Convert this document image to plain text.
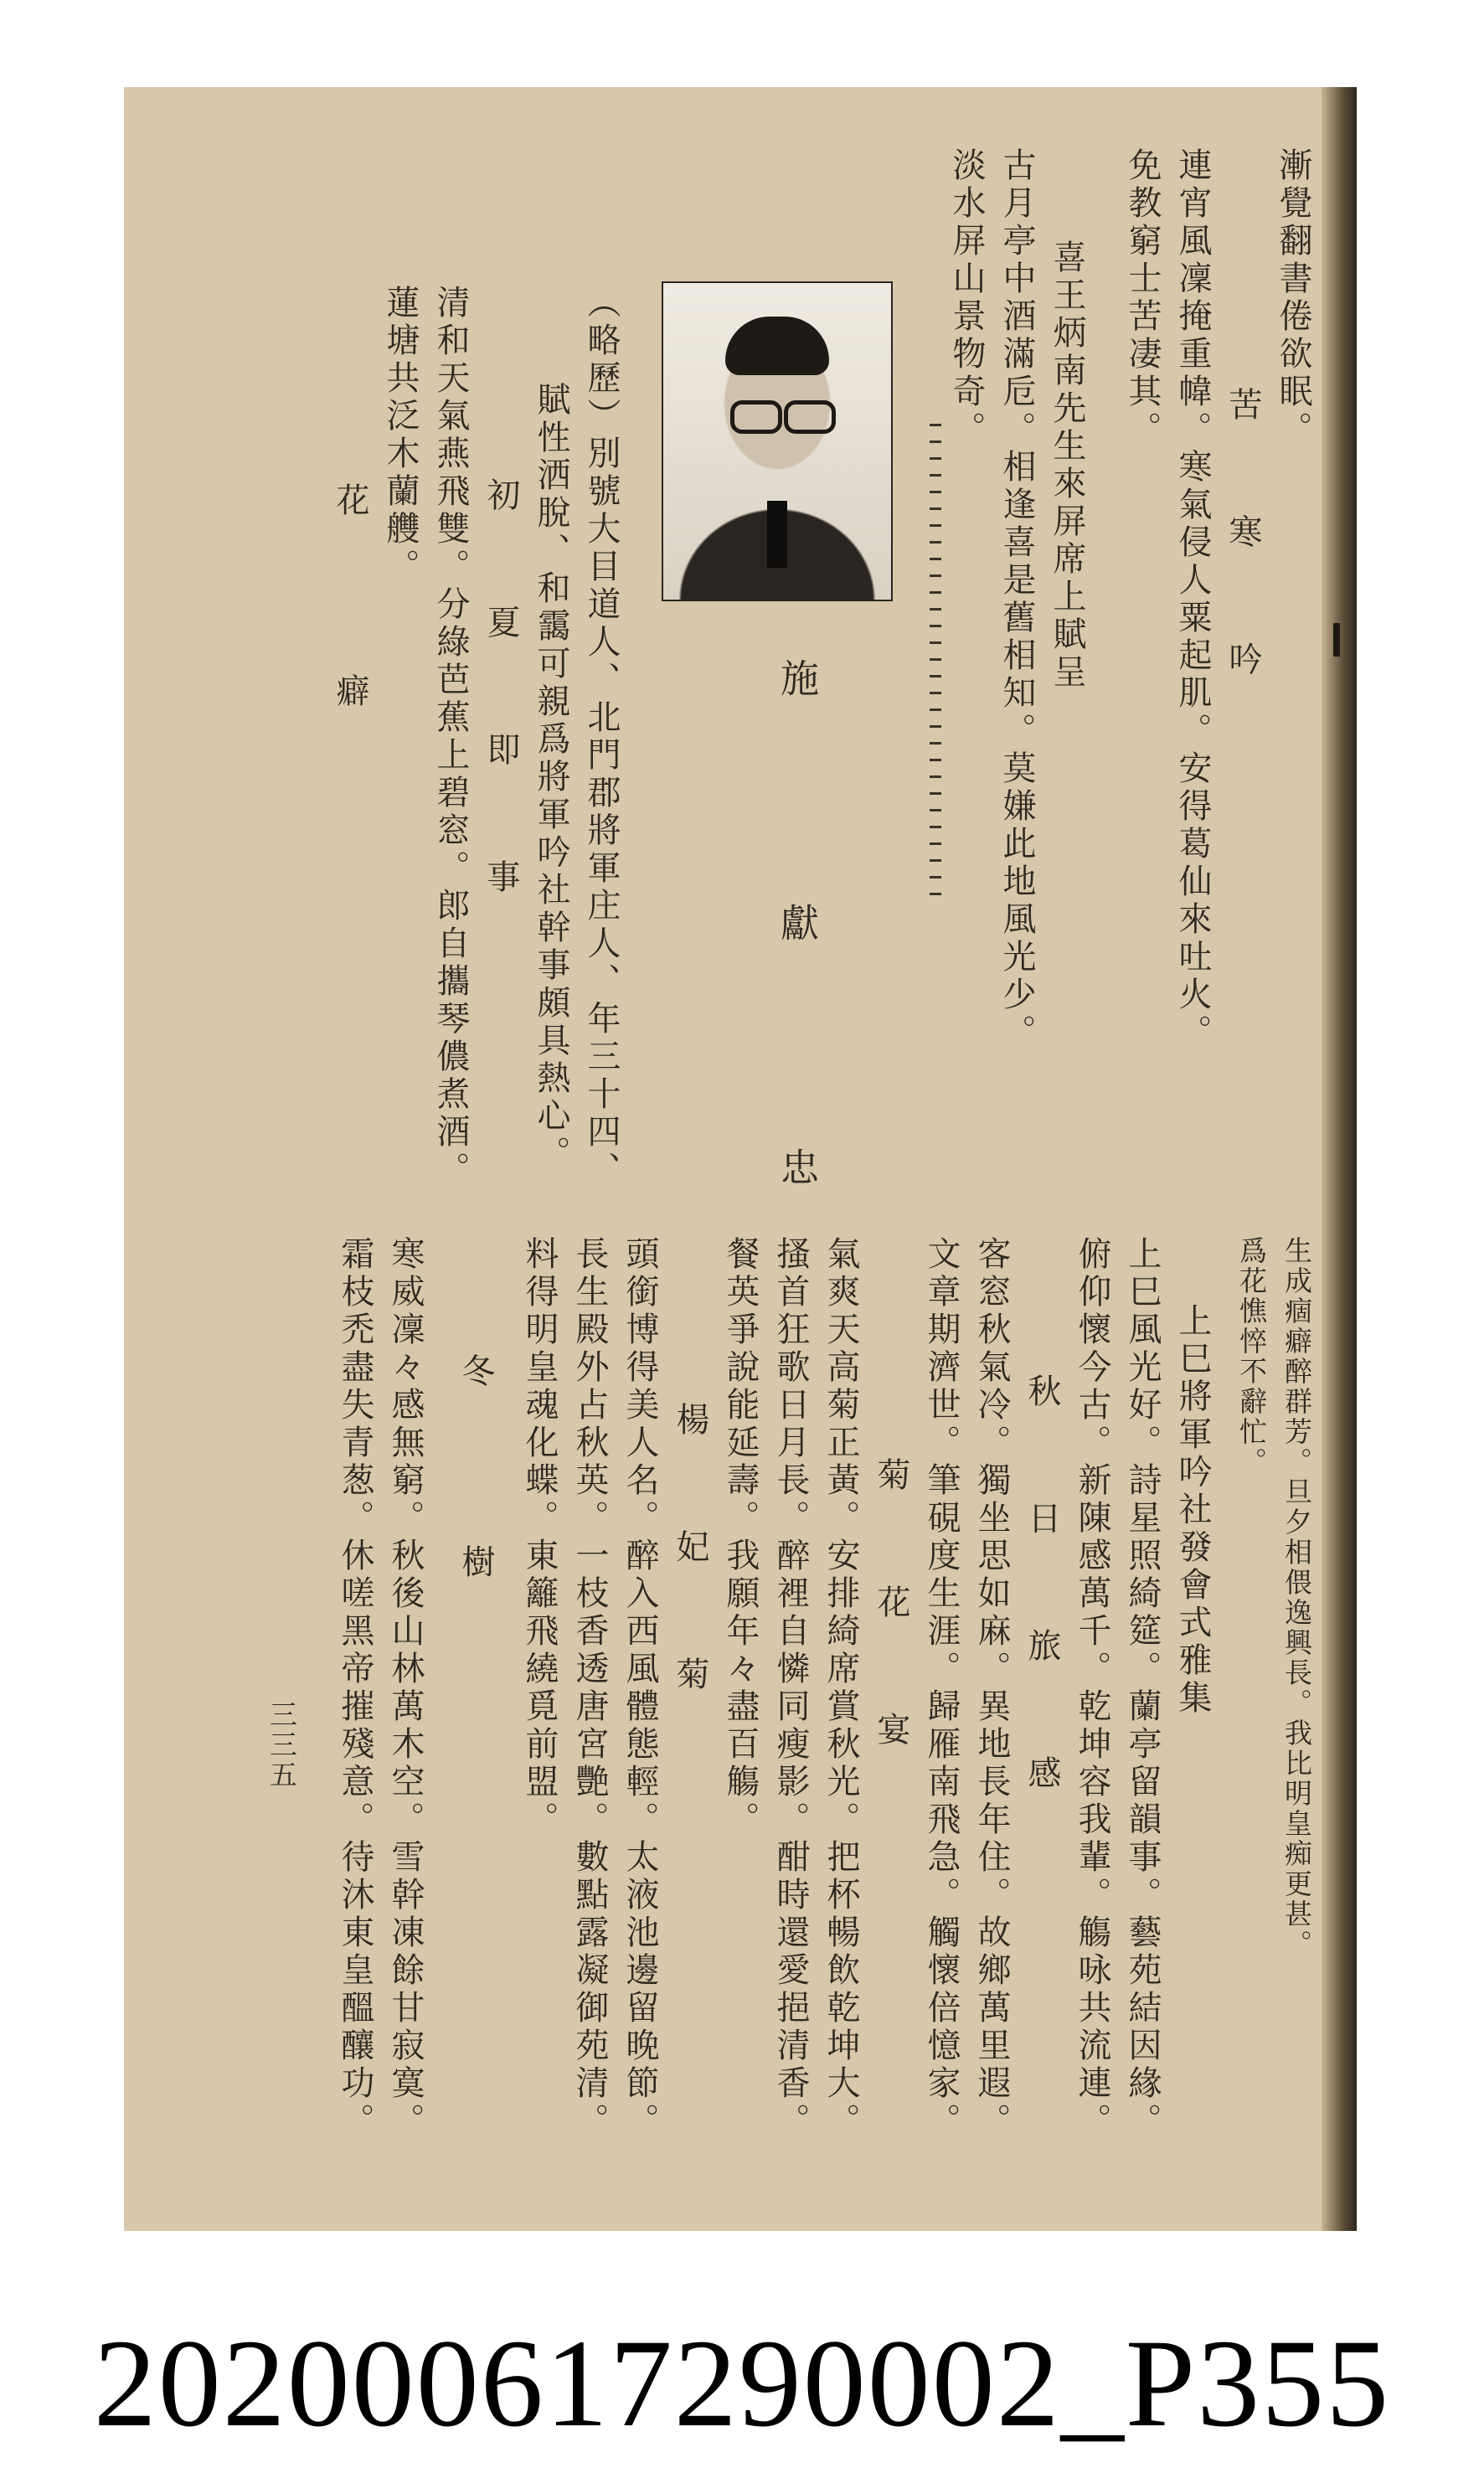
漸覺翻書倦欲眠。
苦　寒　吟
連宵風凜掩重幃。寒氣侵人粟起肌。安得葛仙來吐火。
免教窮士苦凄其。
喜王炳南先生來屏席上賦呈
古月亭中酒滿卮。相逢喜是舊相知。莫嫌此地風光少。
淡水屏山景物奇。
施　獻　忠
（略歷）別號大目道人、北門郡將軍庄人、年三十四、
賦性洒脫、和靄可親爲將軍吟社幹事頗具熱心。
初　夏　即　事
清和天氣燕飛雙。分綠芭蕉上碧窓。郎自攜琴儂煮酒。
蓮塘共泛木蘭艭。
花　　癖
生成痼癖醉群芳。旦夕相偎逸興長。我比明皇痴更甚。
爲花憔悴不辭忙。
上巳將軍吟社發會式雅集
上巳風光好。詩星照綺筵。蘭亭留韻事。藝苑結因緣。
俯仰懷今古。新陳感萬千。乾坤容我輩。觴咏共流連。
秋　日　旅　感
客窓秋氣冷。獨坐思如麻。異地長年住。故鄉萬里遐。
文章期濟世。筆硯度生涯。歸雁南飛急。觸懷倍憶家。
菊　花　宴
氣爽天高菊正黃。安排綺席賞秋光。把杯暢飲乾坤大。
搔首狂歌日月長。醉裡自憐同瘦影。酣時還愛挹清香。
餐英爭說能延壽。我願年々盡百觴。
楊　妃　菊
頭銜博得美人名。醉入西風體態輕。太液池邊留晚節。
長生殿外占秋英。一枝香透唐宮艷。數點露凝御苑清。
料得明皇魂化蝶。東籬飛繞覓前盟。
冬　　樹
寒威凜々感無窮。秋後山林萬木空。雪幹凍餘甘寂寞。
霜枝禿盡失青葱。休嗟黑帝摧殘意。待沐東皇醞釀功。
三三五
202000617290002_P355
